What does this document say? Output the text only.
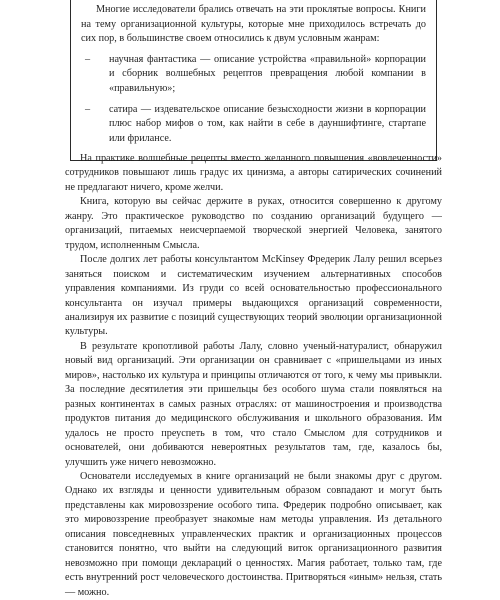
Многие исследователи брались отвечать на эти проклятые вопросы. Книги на тему организационной культуры, которые мне приходилось встречать до сих пор, в большинстве своем относились к двум условным жанрам:

– научная фантастика — описание устройства «правильной» корпорации и сборник волшебных рецептов превращения любой компании в «правильную»;
– сатира — издевательское описание безысходности жизни в корпорации плюс набор мифов о том, как найти в себе в дауншифтинге, стартапе или фрилансе.

На практике волшебные рецепты вместо желанного повышения «вовлеченности» сотрудников повышают лишь градус их цинизма, а авторы сатирических сочинений не предлагают ничего, кроме желчи.

Книга, которую вы сейчас держите в руках, относится совершенно к другому жанру. Это практическое руководство по созданию организаций будущего — организаций, питаемых неисчерпаемой творческой энергией Человека, занятого трудом, исполненным Смысла.

После долгих лет работы консультантом McKinsey Фредерик Лалу решил всерьез заняться поиском и систематическим изучением альтернативных способов управления компаниями. Из груди со всей основательностью профессионального консультанта он изучал примеры выдающихся организаций современности, анализируя их развитие с позиций существующих теорий эволюции организационной культуры.

В результате кропотливой работы Лалу, словно ученый-натуралист, обнаружил новый вид организаций. Эти организации он сравнивает с «пришельцами из иных миров», настолько их культура и принципы отличаются от того, к чему мы привыкли. За последние десятилетия эти пришельцы без особого шума стали появляться на разных континентах в самых разных отраслях: от машиностроения и производства продуктов питания до медицинского обслуживания и школьного образования. Им удалось не просто преуспеть в том, что стало Смыслом для сотрудников и основателей, они добиваются невероятных результатов там, где, казалось бы, улучшить уже ничего невозможно.

Основатели исследуемых в книге организаций не были знакомы друг с другом. Однако их взгляды и ценности удивительным образом совпадают и могут быть представлены как мировоззрение особого типа. Фредерик подробно описывает, как это мировоззрение преобразует знакомые нам методы управления. Из детального описания повседневных управленческих практик и организационных процессов становится понятно, что выйти на следующий виток организационного развития невозможно при помощи деклараций о ценностях. Магия работает, только там, где есть внутренний рост человеческого достоинства. Притворяться «иным» нельзя, стать — можно.
